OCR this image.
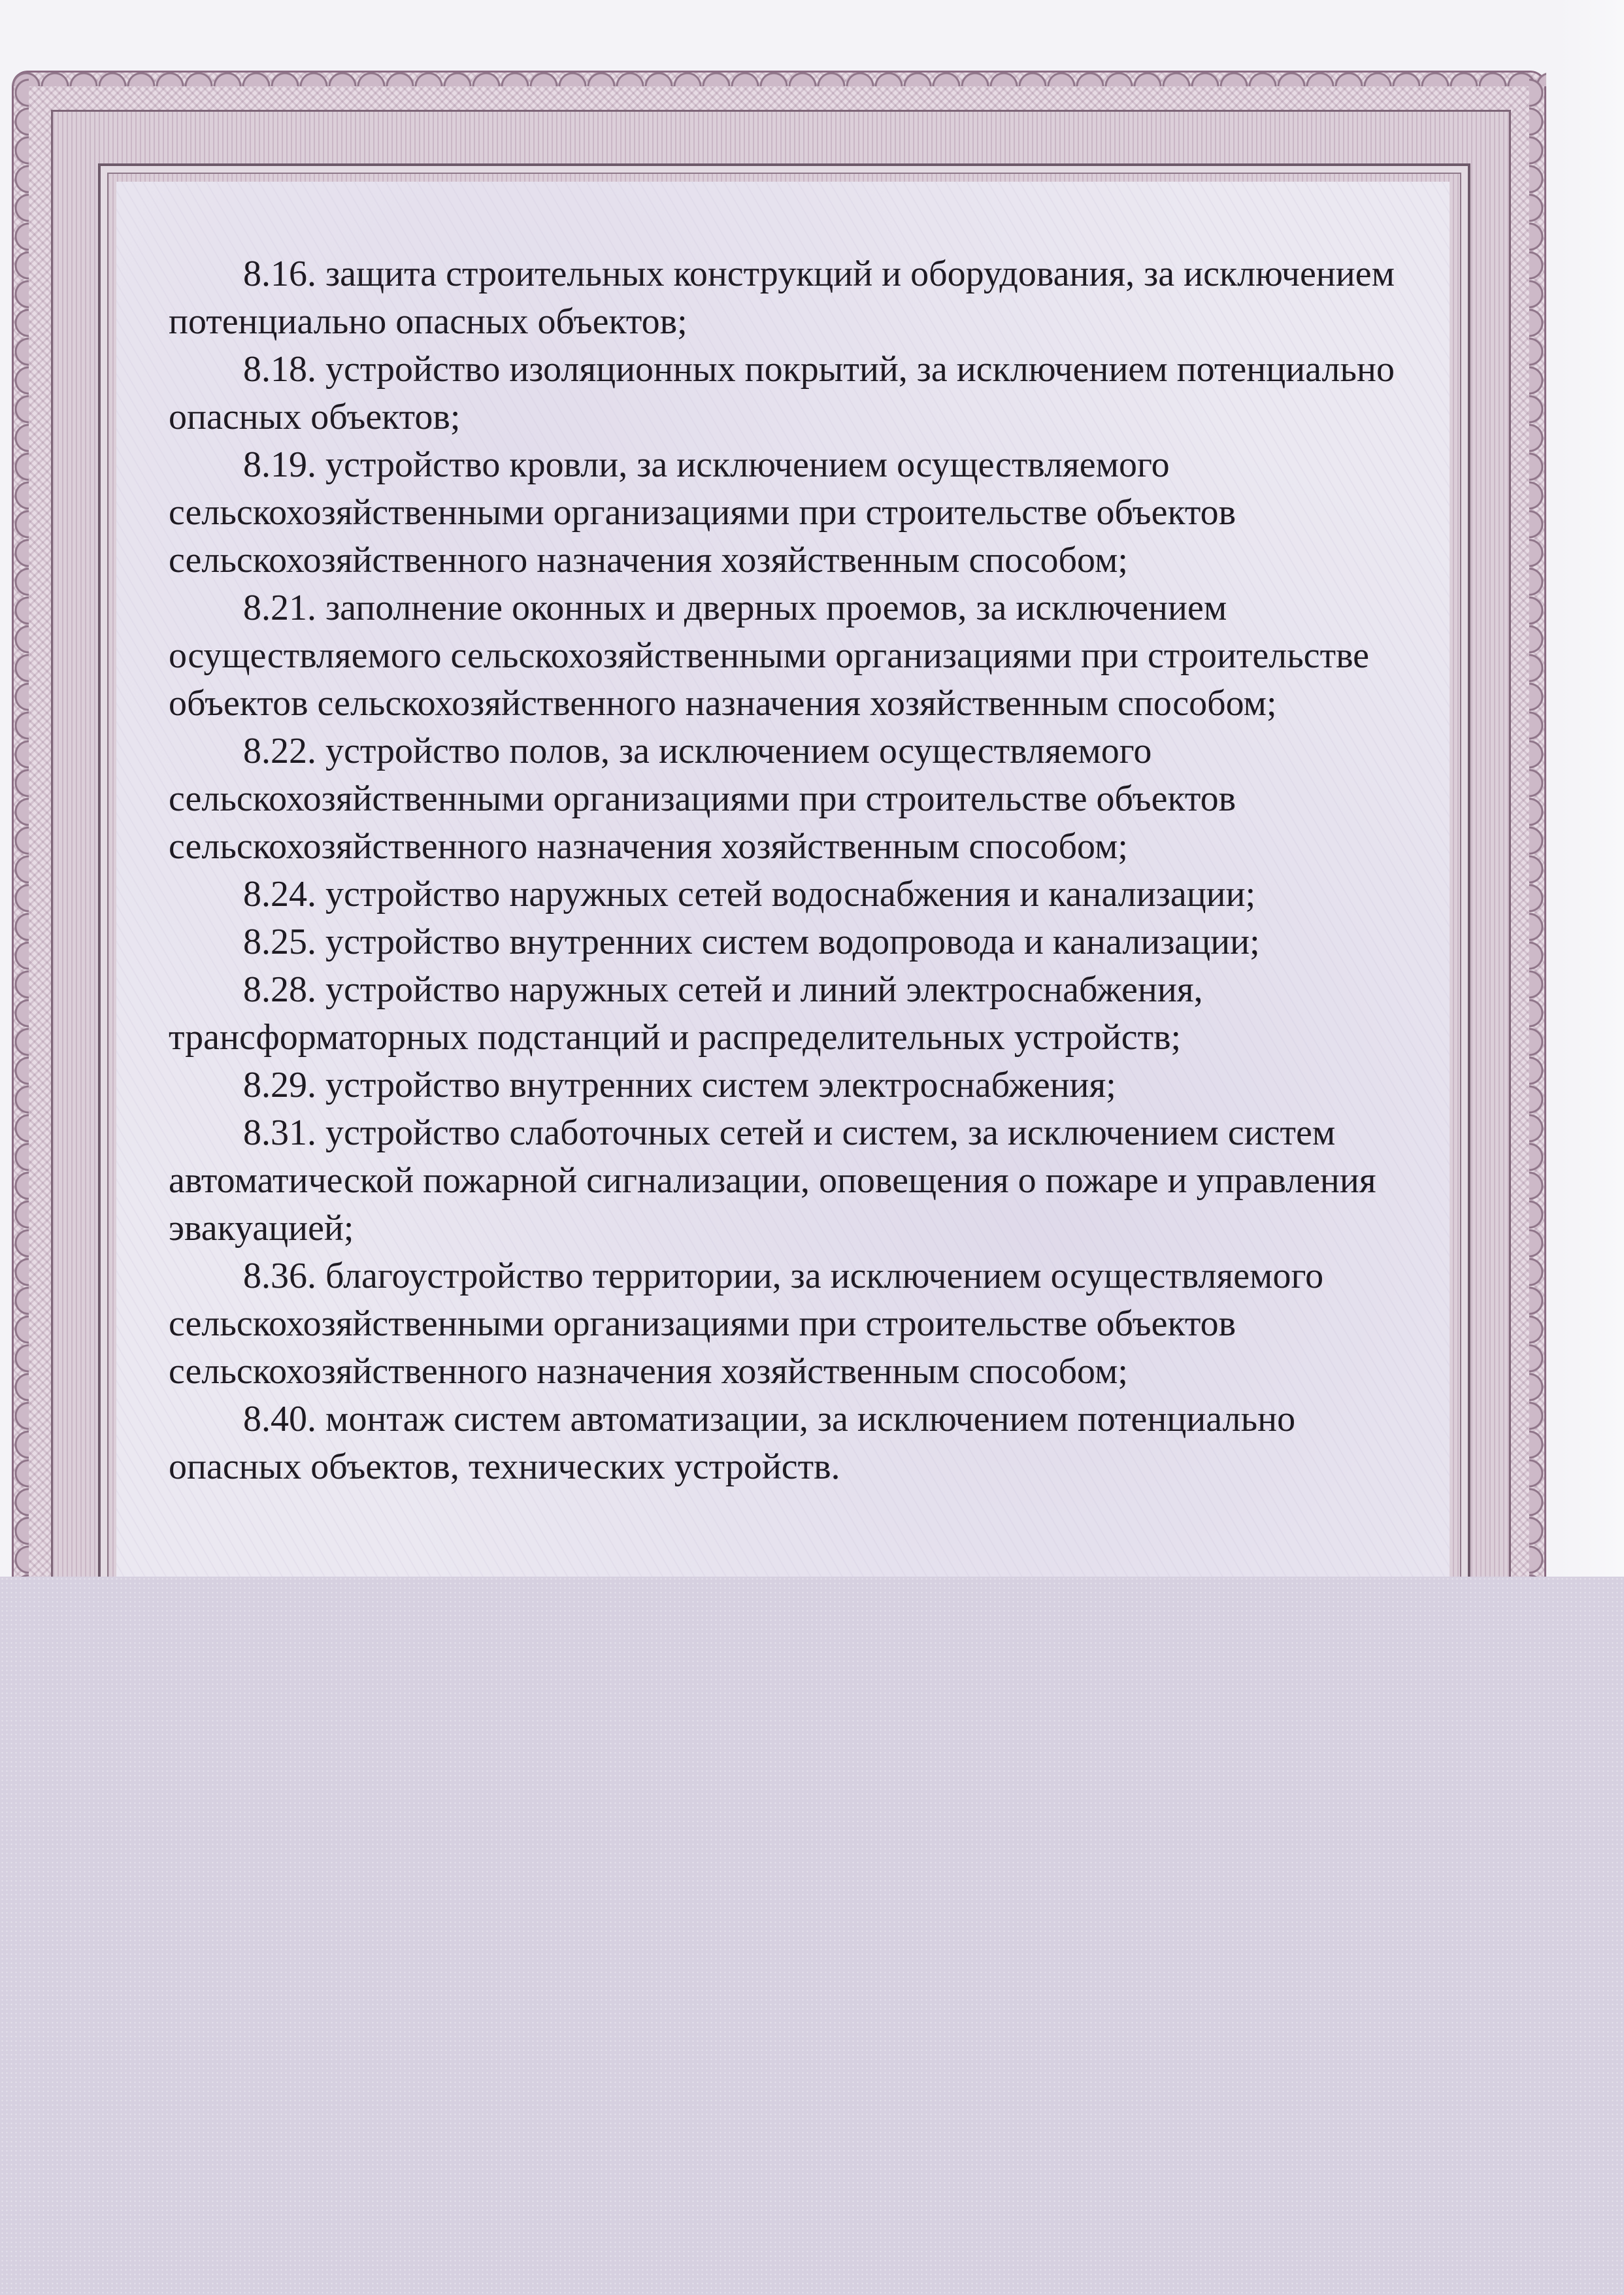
8.16. защита строительных конструкций и оборудования, за исключением потенциально опасных объектов;

8.18. устройство изоляционных покрытий, за исключением потенциально опасных объектов;

8.19. устройство кровли, за исключением осуществляемого сельскохозяйственными организациями при строительстве объектов сельскохозяйственного назначения хозяйственным способом;

8.21. заполнение оконных и дверных проемов, за исключением осуществляемого сельскохозяйственными организациями при строительстве объектов сельскохозяйственного назначения хозяйственным способом;

8.22. устройство полов, за исключением осуществляемого сельскохозяйственными организациями при строительстве объектов сельскохозяйственного назначения хозяйственным способом;

8.24. устройство наружных сетей водоснабжения и канализации;

8.25. устройство внутренних систем водопровода и канализации;

8.28. устройство наружных сетей и линий электроснабжения, трансформаторных подстанций и распределительных устройств;

8.29. устройство внутренних систем электроснабжения;

8.31. устройство слаботочных сетей и систем, за исключением систем автоматической пожарной сигнализации, оповещения о пожаре и управления эвакуацией;

8.36. благоустройство территории, за исключением осуществляемого сельскохозяйственными организациями при строительстве объектов сельскохозяйственного назначения хозяйственным способом;

8.40. монтаж систем автоматизации, за исключением потенциально опасных объектов, технических устройств.
